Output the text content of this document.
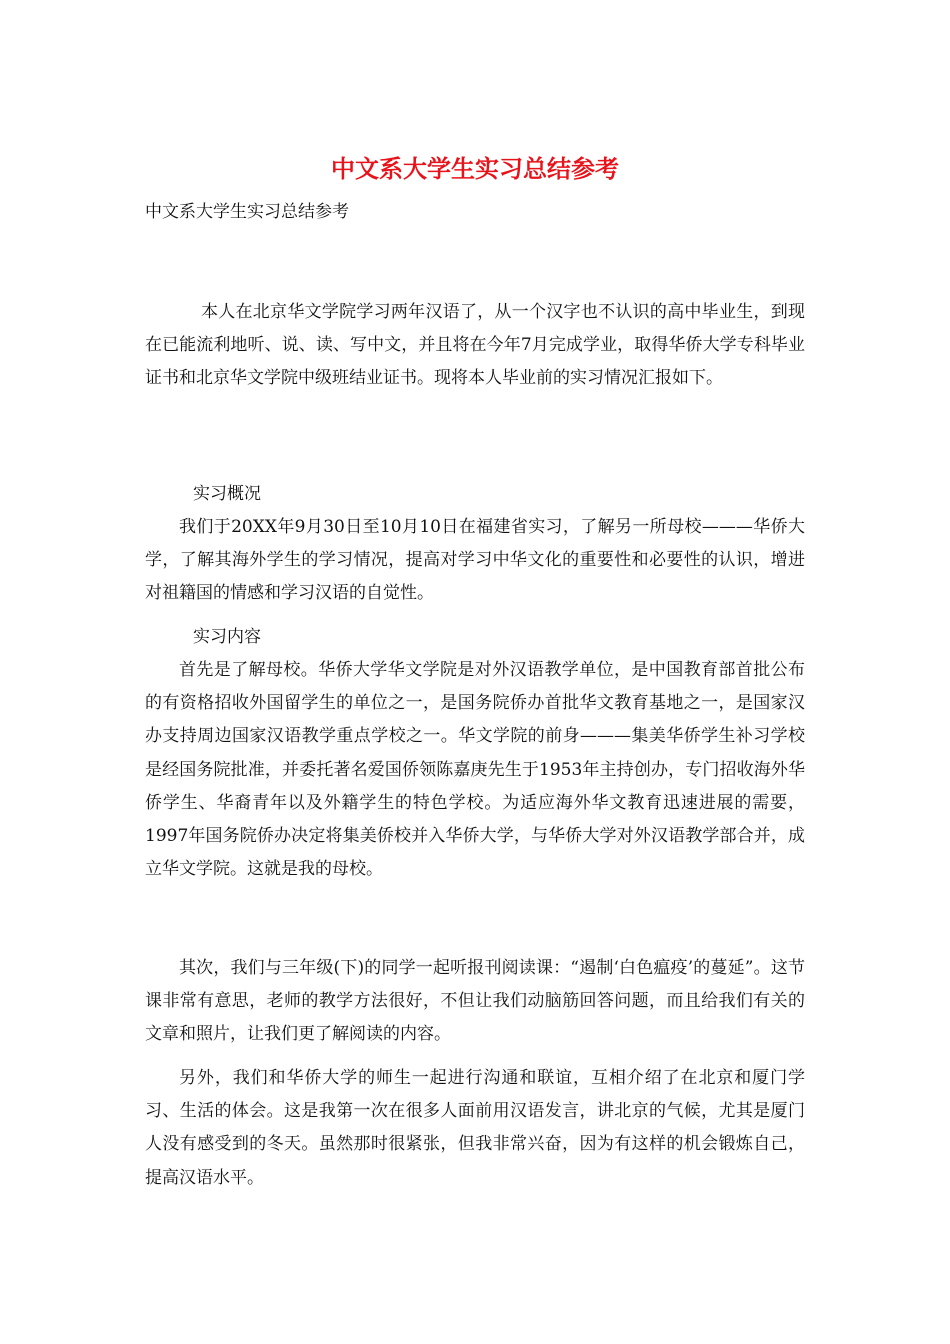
中文系大学生实习总结参考

中文系大学生实习总结参考

本人在北京华文学院学习两年汉语了，从一个汉字也不认识的高中毕业生，到现在已能流利地听、说、读、写中文，并且将在今年7月完成学业，取得华侨大学专科毕业证书和北京华文学院中级班结业证书。现将本人毕业前的实习情况汇报如下。

实习概况

我们于20XX年9月30日至10月10日在福建省实习，了解另一所母校———华侨大学，了解其海外学生的学习情况，提高对学习中华文化的重要性和必要性的认识，增进对祖籍国的情感和学习汉语的自觉性。

实习内容

首先是了解母校。华侨大学华文学院是对外汉语教学单位，是中国教育部首批公布的有资格招收外国留学生的单位之一，是国务院侨办首批华文教育基地之一，是国家汉办支持周边国家汉语教学重点学校之一。华文学院的前身———集美华侨学生补习学校是经国务院批准，并委托著名爱国侨领陈嘉庚先生于1953年主持创办，专门招收海外华侨学生、华裔青年以及外籍学生的特色学校。为适应海外华文教育迅速进展的需要，1997年国务院侨办决定将集美侨校并入华侨大学，与华侨大学对外汉语教学部合并，成立华文学院。这就是我的母校。

其次，我们与三年级(下)的同学一起听报刊阅读课：“遏制‘白色瘟疫’的蔓延”。这节课非常有意思，老师的教学方法很好，不但让我们动脑筋回答问题，而且给我们有关的文章和照片，让我们更了解阅读的内容。

另外，我们和华侨大学的师生一起进行沟通和联谊，互相介绍了在北京和厦门学习、生活的体会。这是我第一次在很多人面前用汉语发言，讲北京的气候，尤其是厦门人没有感受到的冬天。虽然那时很紧张，但我非常兴奋，因为有这样的机会锻炼自己，提高汉语水平。
